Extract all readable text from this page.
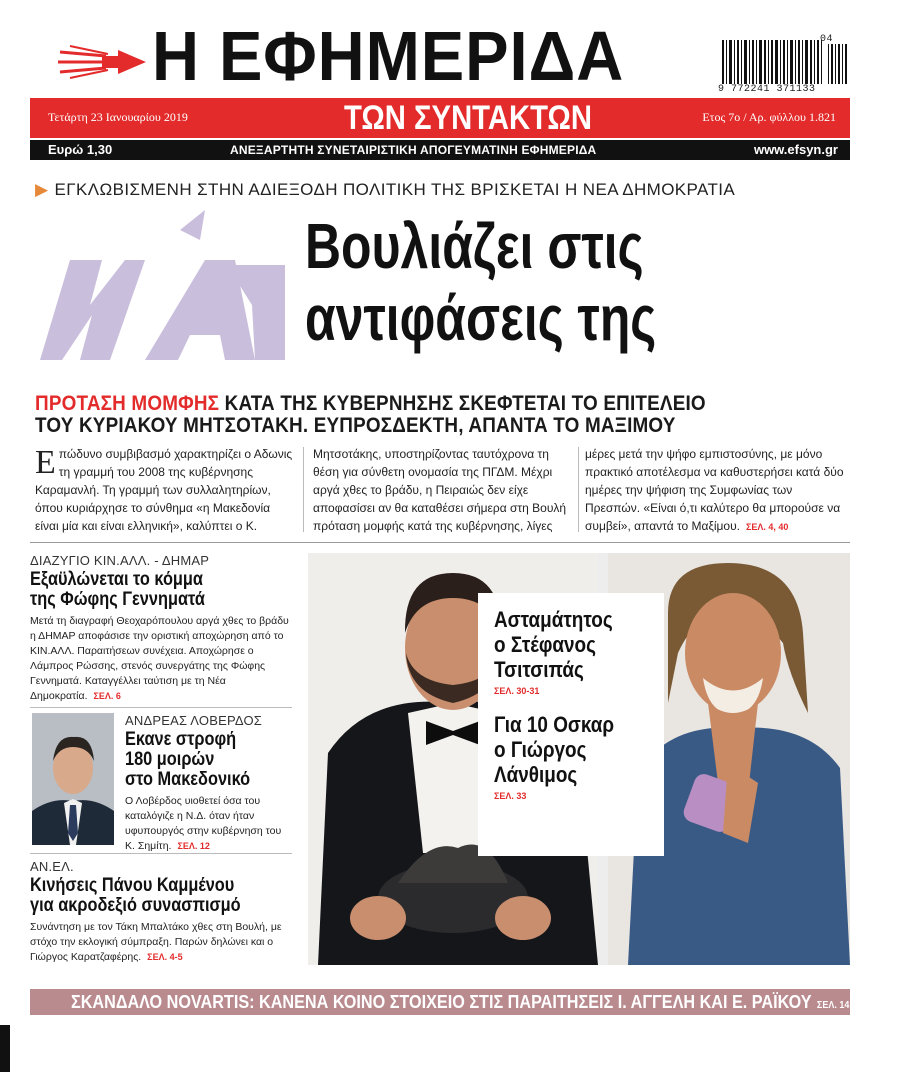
Η ΕΦΗΜΕΡΙΔΑ	9 772241 371133
04
Τετάρτη 23 Ιανουαρίου 2019	ΤΩΝ ΣΥΝΤΑΚΤΩΝ	Ετος 7ο / Αρ. φύλλου 1.821
Ευρώ 1,30	ΑΝΕΞΑΡΤΗΤΗ ΣΥΝΕΤΑΙΡΙΣΤΙΚΗ ΑΠΟΓΕΥΜΑΤΙΝΗ ΕΦΗΜΕΡΙΔΑ	www.efsyn.gr
▶ ΕΓΚΛΩΒΙΣΜΕΝΗ ΣΤΗΝ ΑΔΙΕΞΟΔΗ ΠΟΛΙΤΙΚΗ ΤΗΣ ΒΡΙΣΚΕΤΑΙ Η ΝΕΑ ΔΗΜΟΚΡΑΤΙΑ
ΝΔ
Βουλιάζει στις
αντιφάσεις της
ΠΡΟΤΑΣΗ ΜΟΜΦΗΣ ΚΑΤΑ ΤΗΣ ΚΥΒΕΡΝΗΣΗΣ ΣΚΕΦΤΕΤΑΙ ΤΟ ΕΠΙΤΕΛΕΙΟ
ΤΟΥ ΚΥΡΙΑΚΟΥ ΜΗΤΣΟΤΑΚΗ. ΕΥΠΡΟΣΔΕΚΤΗ, ΑΠΑΝΤΑ ΤΟ ΜΑΞΙΜΟΥ
Επώδυνο συμβιβασμό χαρακτηρίζει ο Αδωνις τη γραμμή του 2008 της κυβέρνησης Καραμανλή. Τη γραμμή των συλλαλητηρίων, όπου κυριάρχησε το σύνθημα «η Μακεδονία είναι μία και είναι ελληνική», καλύπτει ο Κ.
Μητσοτάκης, υποστηρίζοντας ταυτόχρονα τη θέση για σύνθετη ονομασία της ΠΓΔΜ. Μέχρι αργά χθες το βράδυ, η Πειραιώς δεν είχε αποφασίσει αν θα καταθέσει σήμερα στη Βουλή πρόταση μομφής κατά της κυβέρνησης, λίγες
μέρες μετά την ψήφο εμπιστοσύνης, με μόνο πρακτικό αποτέλεσμα να καθυστερήσει κατά δύο ημέρες την ψήφιση της Συμφωνίας των Πρεσπών. «Είναι ό,τι καλύτερο θα μπορούσε να συμβεί», απαντά το Μαξίμου. ΣΕΛ. 4, 40
ΔΙΑΖΥΓΙΟ ΚΙΝ.ΑΛΛ. - ΔΗΜΑΡ
Εξαϋλώνεται το κόμμα
της Φώφης Γεννηματά
Μετά τη διαγραφή Θεοχαρόπουλου αργά χθες το βράδυ η ΔΗΜΑΡ αποφάσισε την οριστική αποχώρηση από το ΚΙΝ.ΑΛΛ. Παραιτήσεων συνέχεια. Αποχώρησε ο Λάμπρος Ρώσσης, στενός συνεργάτης της Φώφης Γεννηματά. Καταγγέλλει ταύτιση με τη Νέα Δημοκρατία. ΣΕΛ. 6
ΑΝΔΡΕΑΣ ΛΟΒΕΡΔΟΣ
Εκανε στροφή
180 μοιρών
στο Μακεδονικό
Ο Λοβέρδος υιοθετεί όσα του καταλόγιζε η Ν.Δ. όταν ήταν υφυπουργός στην κυβέρνηση του Κ. Σημίτη. ΣΕΛ. 12
ΑΝ.ΕΛ.
Κινήσεις Πάνου Καμμένου
για ακροδεξιό συνασπισμό
Συνάντηση με τον Τάκη Μπαλτάκο χθες στη Βουλή, με στόχο την εκλογική σύμπραξη. Παρών δηλώνει και ο Γιώργος Καρατζαφέρης. ΣΕΛ. 4-5
Ασταμάτητος
ο Στέφανος
Τσιτσιπάς
ΣΕΛ. 30-31
Για 10 Οσκαρ
ο Γιώργος
Λάνθιμος
ΣΕΛ. 33
ΣΚΑΝΔΑΛΟ NOVARTIS: ΚΑΝΕΝΑ ΚΟΙΝΟ ΣΤΟΙΧΕΙΟ ΣΤΙΣ ΠΑΡΑΙΤΗΣΕΙΣ Ι. ΑΓΓΕΛΗ ΚΑΙ Ε. ΡΑΪΚΟΥ ΣΕΛ. 14
